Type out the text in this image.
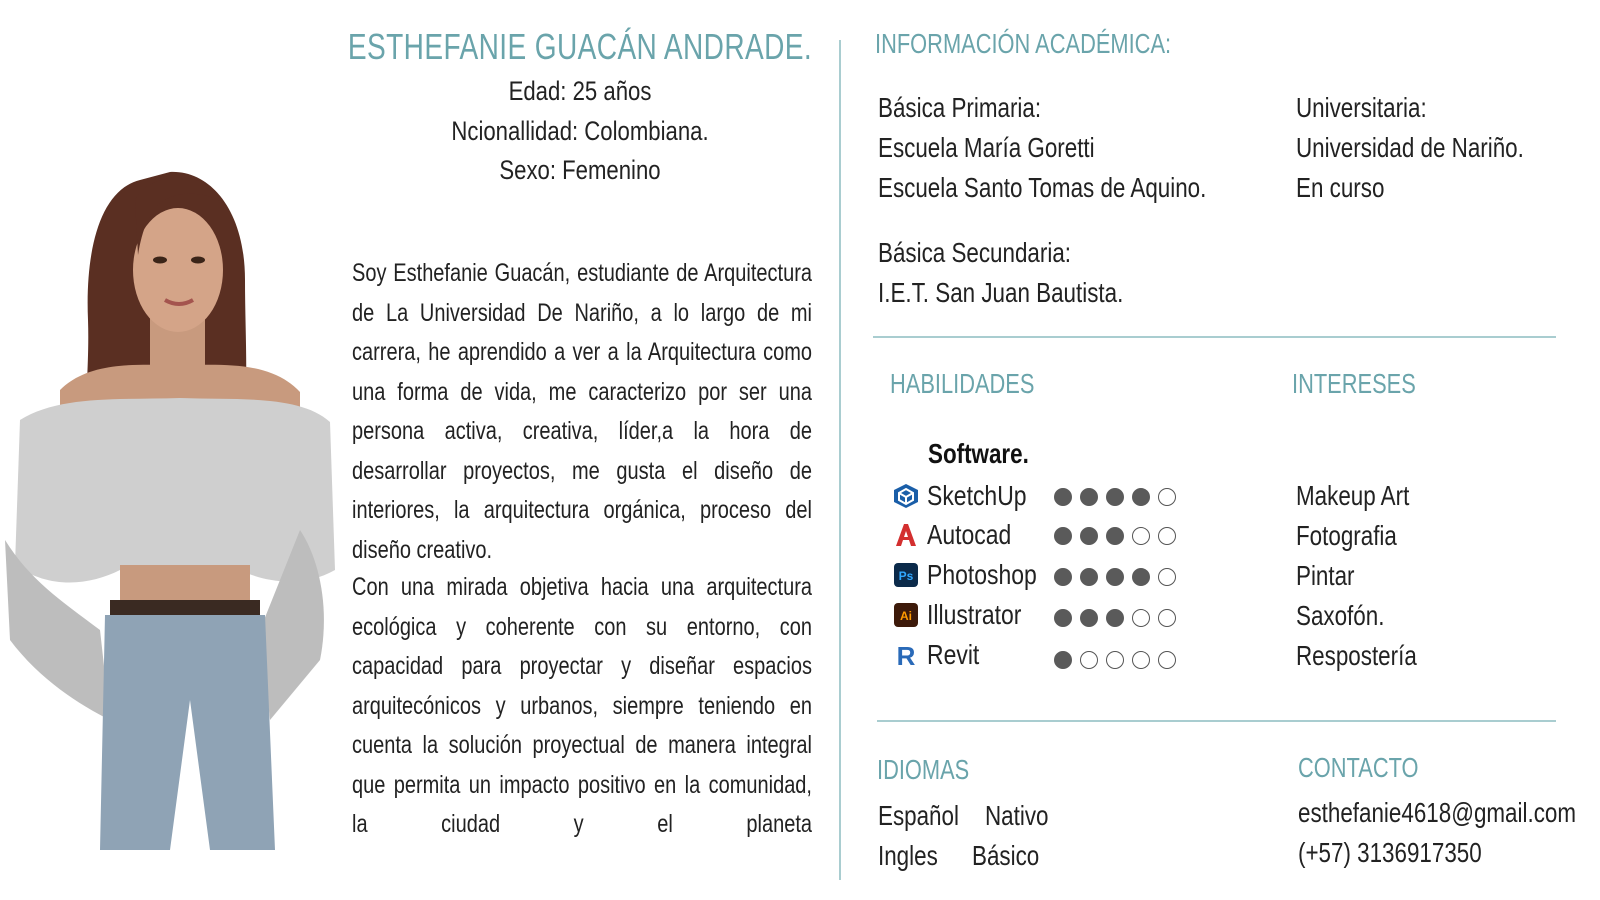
ESTHEFANIE GUACÁN ANDRADE.
Edad: 25 años
Ncionallidad: Colombiana.
Sexo: Femenino
Soy Esthefanie Guacán, estudiante de Arquitectura de La Universidad De Nariño, a lo largo de mi carrera, he aprendido a ver a la Arquitectura como una forma de vida, me caracterizo por ser una persona activa, creativa, líder,a la hora de desarrollar proyectos, me gusta el diseño de interiores, la arquitectura orgánica, proceso del diseño creativo.
Con una mirada objetiva hacia una arquitectura ecológica y coherente con su entorno, con capacidad para proyectar y diseñar espacios arquitecónicos y urbanos, siempre teniendo en cuenta la solución proyectual de manera integral que permita un impacto positivo en la comunidad, la ciudad y el planeta
INFORMACIÓN ACADÉMICA:
Básica Primaria:
Escuela María Goretti
Escuela Santo Tomas de Aquino.
Básica Secundaria:
I.E.T. San Juan Bautista.
Universitaria:
Universidad de Nariño.
En curso
HABILIDADES
Software.
SketchUp
Autocad
Ps Photoshop
Ai Illustrator
R Revit
INTERESES
Makeup Art
Fotografia
Pintar
Saxofón.
Respostería
IDIOMAS
Español Nativo
Ingles Básico
CONTACTO
esthefanie4618@gmail.com
(+57) 3136917350
